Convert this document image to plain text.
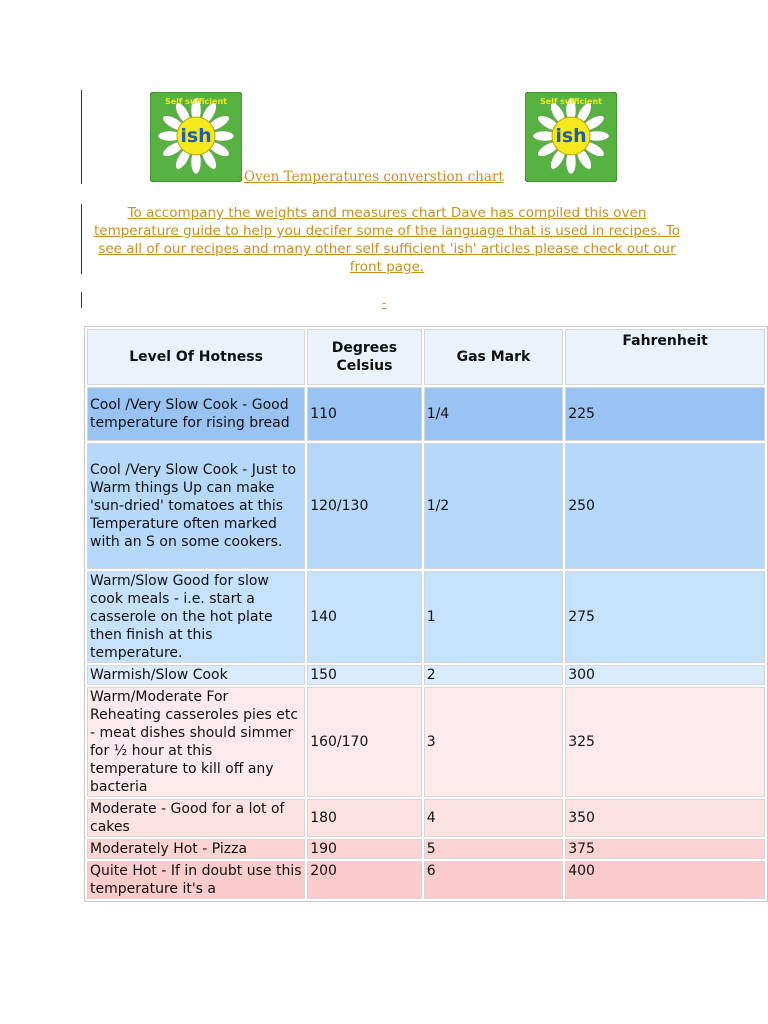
ish
Self sufficient
ish
Self sufficient
Oven Temperatures converstion chart
To accompany the weights and measures chart Dave has compiled this oven temperature guide to help you decifer some of the language that is used in recipes. To see all of our recipes and many other self sufficient 'ish' articles please check out our front page.
-
Level Of Hotness	Degrees Celsius	Gas Mark	Fahrenheit
Cool /Very Slow Cook - Good temperature for rising bread	110	1/4	225
Cool /Very Slow Cook - Just to Warm things Up can make 'sun-dried' tomatoes at this Temperature often marked with an S on some cookers.	120/130	1/2	250
Warm/Slow Good for slow cook meals - i.e. start a casserole on the hot plate then finish at this temperature.	140	1	275
Warmish/Slow Cook	150	2	300
Warm/Moderate For Reheating casseroles pies etc - meat dishes should simmer for ½ hour at this temperature to kill off any bacteria	160/170	3	325
Moderate - Good for a lot of cakes	180	4	350
Moderately Hot - Pizza	190	5	375
Quite Hot - If in doubt use this temperature it's a	200	6	400
